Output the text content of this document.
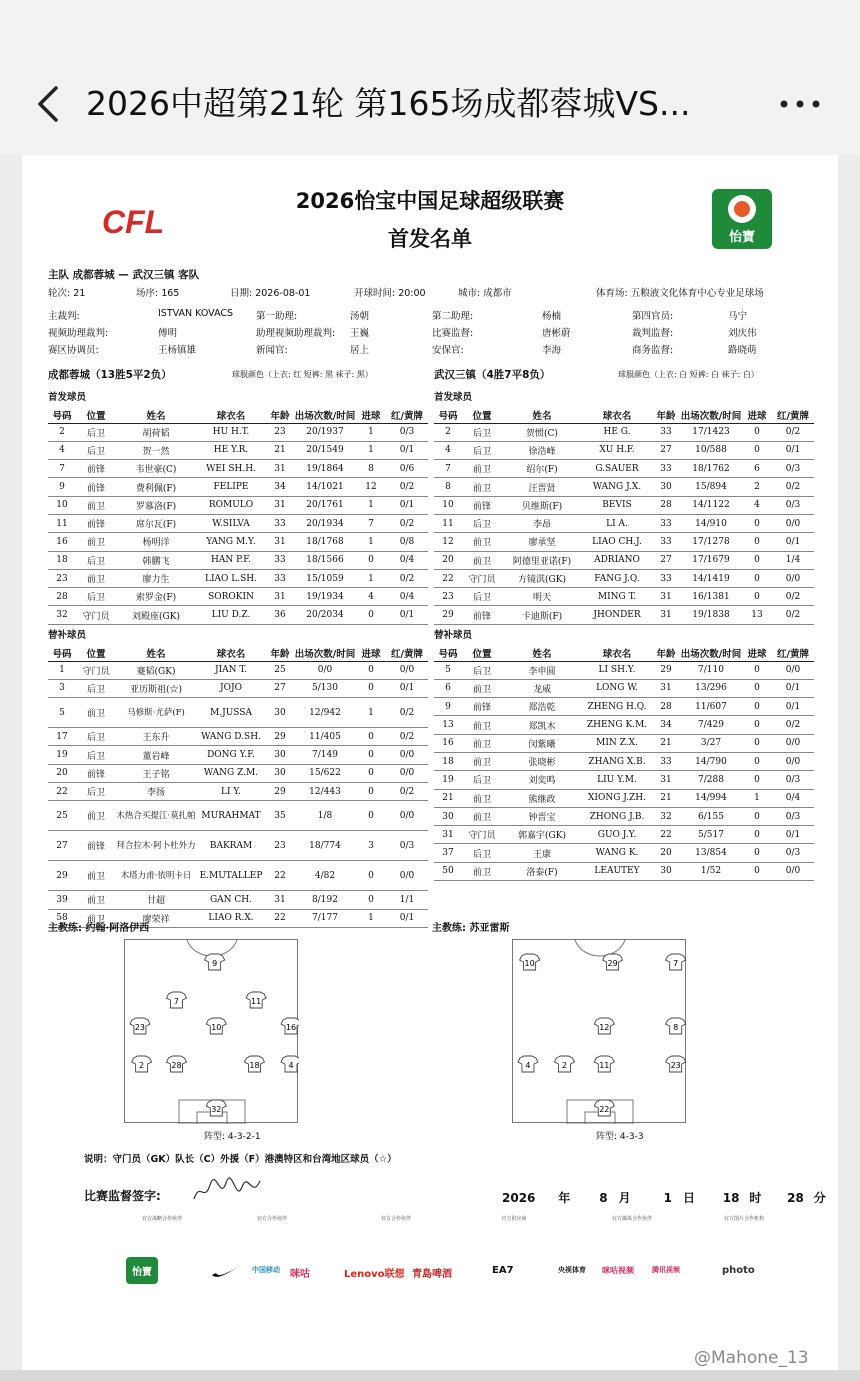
2026中超第21轮 第165场成都蓉城VS...
CFL
2026怡宝中国足球超级联赛
首发名单	怡寶
主队 成都蓉城 — 武汉三镇 客队
轮次: 21	场序: 165	日期: 2026-08-01	开球时间: 20:00	城市: 成都市	体育场: 五粮液文化体育中心专业足球场
主裁判:	ISTVAN KOVACS 第一助理:	汤朝	第二助理:	杨楠	第四官员:	马宁
视频助理裁判:	傅明	助理视频助理裁判: 王巍	比赛监督:	唐彬蔚	裁判监督:	刘庆伟
赛区协调员:	王杨镇雄	新闻官:	居上	安保官:	李海	商务监督:	路晓萌
成都蓉城（13胜5平2负）	球服颜色（上衣: 红 短裤: 黑 袜子: 黑）	武汉三镇（4胜7平8负）	球服颜色（上衣: 白 短裤: 白 袜子: 白）
首发球员	首发球员
号码	位置	姓名	球衣名	年龄	出场次数/时间	进球	红/黄牌
2	后卫	胡荷韬	HU H.T.	23	20/1937	1	0/3
4	后卫	贺一然	HE Y.R.	21	20/1549	1	0/1
7	前锋	韦世豪(C)	WEI SH.H.	31	19/1864	8	0/6
9	前锋	费利佩(F)	FELIPE	34	14/1021	12	0/2
10	前卫	罗慕洛(F)	ROMULO	31	20/1761	1	0/1
11	前锋	席尔瓦(F)	W.SILVA	33	20/1934	7	0/2
16	前卫	杨明洋	YANG M.Y.	31	18/1768	1	0/8
18	后卫	韩鹏飞	HAN P.F.	33	18/1566	0	0/4
23	前卫	廖力生	LIAO L.SH.	33	15/1059	1	0/2
28	后卫	索罗金(F)	SOROKIN	31	19/1934	4	0/4
32	守门员	刘殿座(GK)	LIU D.Z.	36	20/2034	0	0/1
号码	位置	姓名	球衣名	年龄	出场次数/时间	进球	红/黄牌
2	后卫	贺惯(C)	HE G.	33	17/1423	0	0/2
4	后卫	徐浩峰	XU H.F.	27	10/588	0	0/1
7	前卫	绍尔(F)	G.SAUER	33	18/1762	6	0/3
8	前卫	汪晋贤	WANG J.X.	30	15/894	2	0/2
10	前锋	贝维斯(F)	BEVIS	28	14/1122	4	0/3
11	后卫	李昂	LI A.	33	14/910	0	0/0
12	前卫	廖承坚	LIAO CH.J.	33	17/1278	0	0/1
20	前卫	阿德里亚诺(F)	ADRIANO	27	17/1679	0	1/4
22	守门员	方镜淇(GK)	FANG J.Q.	33	14/1419	0	0/0
23	后卫	明天	MING T.	31	16/1381	0	0/2
29	前锋	卡迪斯(F)	JHONDER	31	19/1838	13	0/2
替补球员	替补球员
号码	位置	姓名	球衣名	年龄	出场次数/时间	进球	红/黄牌
1	守门员	蹇韬(GK)	JIAN T.	25	0/0	0	0/0
3	后卫	亚历斯祖(☆)	JOJO	27	5/130	0	0/1
5	前卫	马修斯·尤萨(F)	M.JUSSA	30	12/942	1	0/2
17	后卫	王东升	WANG D.SH.	29	11/405	0	0/2
19	后卫	董岩峰	DONG Y.F.	30	7/149	0	0/0
20	前锋	王子铭	WANG Z.M.	30	15/622	0	0/0
22	后卫	李扬	LI Y.	29	12/443	0	0/2
25	前卫	木热合买提江·莫扎帕	MURAHMAT	35	1/8	0	0/0
27	前锋	拜合拉木·阿卜杜外力	BAKRAM	23	18/774	3	0/3
29	前卫	木塔力甫·依明卡日	E.MUTALLEP	22	4/82	0	0/0
39	前卫	甘超	GAN CH.	31	8/192	0	1/1
58	前卫	廖荣祥	LIAO R.X.	22	7/177	1	0/1
号码	位置	姓名	球衣名	年龄	出场次数/时间	进球	红/黄牌
5	后卫	李申圆	LI SH.Y.	29	7/110	0	0/0
6	前卫	龙威	LONG W.	31	13/296	0	0/1
9	前锋	郑浩乾	ZHENG H.Q.	28	11/607	0	0/1
13	前卫	郑凯木	ZHENG K.M.	34	7/429	0	0/2
16	前卫	闵紫曦	MIN Z.X.	21	3/27	0	0/0
18	前卫	张晓彬	ZHANG X.B.	33	14/790	0	0/0
19	后卫	刘奕鸣	LIU Y.M.	31	7/288	0	0/3
21	前卫	熊继政	XIONG J.ZH.	21	14/994	1	0/4
30	前卫	钟晋宝	ZHONG J.B.	32	6/155	0	0/3
31	守门员	郭嘉宇(GK)	GUO J.Y.	22	5/517	0	0/1
37	后卫	王康	WANG K.	20	13/854	0	0/3
50	前卫	洛泰(F)	LEAUTEY	30	1/52	0	0/0
主教练: 约翰·阿洛伊西	主教练: 苏亚雷斯
9
7	11
23	10	16
2	28	18	4
32
10	29	7
12	8
11
4	2	23
22
阵型: 4-3-2-1	阵型: 4-3-3
说明：守门员（GK）队长（C）外援（F）港澳特区和台湾地区球员（☆）
比赛监督签字:	2026 年 8 月	1 日 18 时 28 分
官方战略合作伙伴	官方合作伙伴	官方合作伙伴	官方供应商	官方媒体合作伙伴	官方图片合作机构
怡寶	中国移动 咪咕	Lenovo联想 青島啤酒	EA7	央视体育 咪咕视频	腾讯视频	photo
@Mahone_13
